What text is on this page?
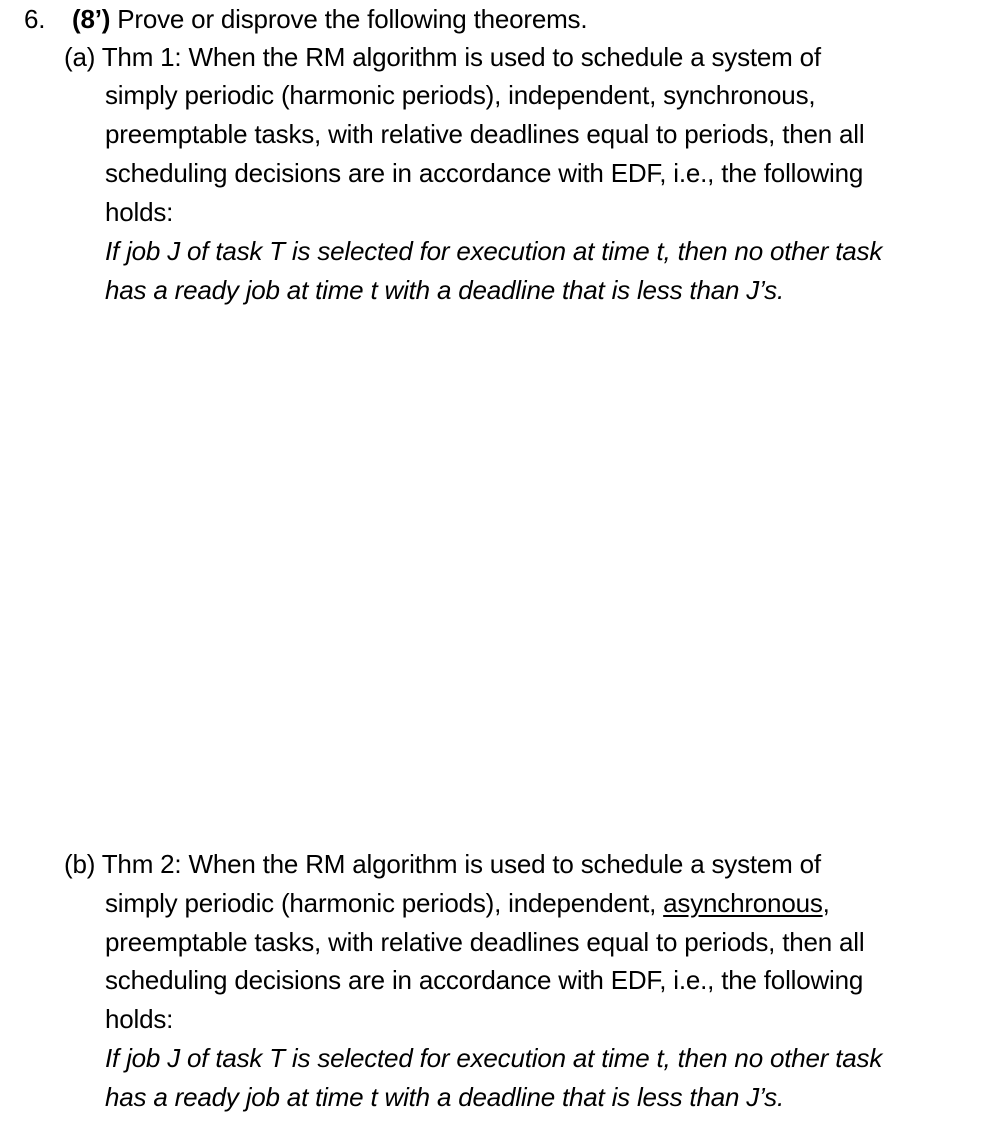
6. (8’) Prove or disprove the following theorems.
(a) Thm 1: When the RM algorithm is used to schedule a system of
simply periodic (harmonic periods), independent, synchronous,
preemptable tasks, with relative deadlines equal to periods, then all
scheduling decisions are in accordance with EDF, i.e., the following
holds:
If job J of task T is selected for execution at time t, then no other task
has a ready job at time t with a deadline that is less than J’s.
(b) Thm 2: When the RM algorithm is used to schedule a system of
simply periodic (harmonic periods), independent, asynchronous,
preemptable tasks, with relative deadlines equal to periods, then all
scheduling decisions are in accordance with EDF, i.e., the following
holds:
If job J of task T is selected for execution at time t, then no other task
has a ready job at time t with a deadline that is less than J’s.
